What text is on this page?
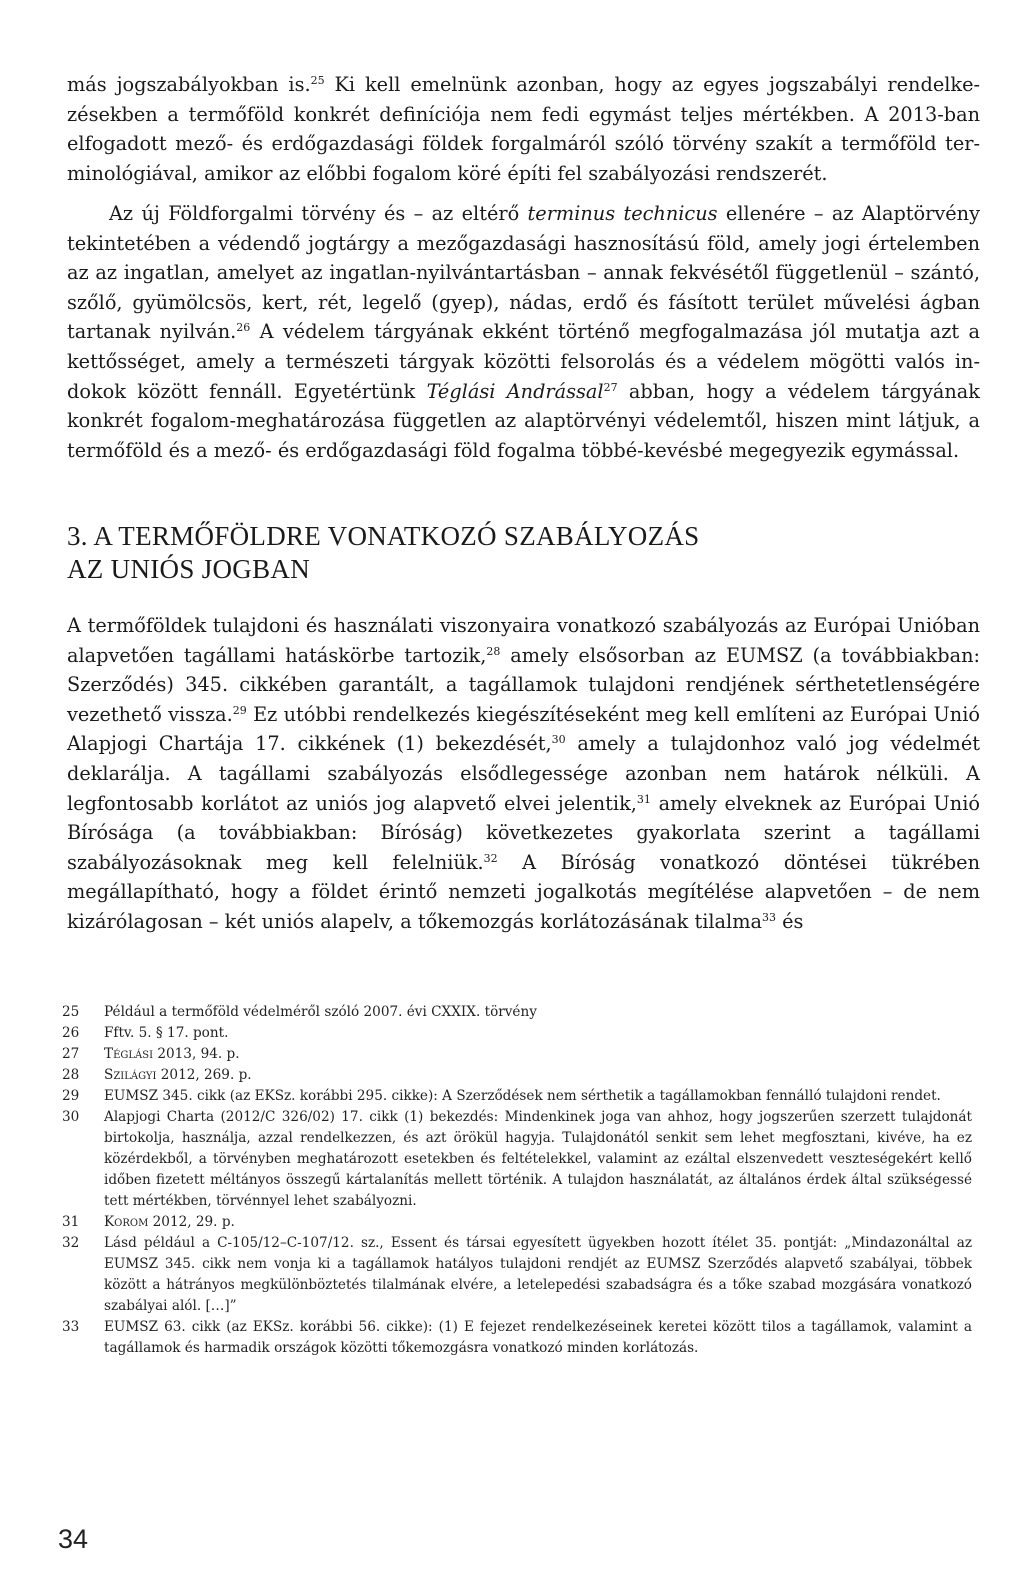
más jogszabályokban is.$^{25}$ Ki kell emelnünk azonban, hogy az egyes jogszabályi rendelkezésekben a termőföld konkrét definíciója nem fedi egymást teljes mértékben. A 2013-ban elfogadott mező- és erdőgazdasági földek forgalmáról szóló törvény szakít a termőföld terminológiával, amikor az előbbi fogalom köré építi fel szabályozási rendszerét.

Az új Földforgalmi törvény és – az eltérő terminus technicus ellenére – az Alaptörvény tekintetében a védendő jogtárgy a mezőgazdasági hasznosítású föld, amely jogi értelemben az az ingatlan, amelyet az ingatlan-nyilvántartásban – annak fekvésétől függetlenül – szántó, szőlő, gyümölcsös, kert, rét, legelő (gyep), nádas, erdő és fásított terület művelési ágban tartanak nyilván.$^{26}$ A védelem tárgyának ekként történő megfogalmazása jól mutatja azt a kettősséget, amely a természeti tárgyak közötti felsorolás és a védelem mögötti valós indokok között fennáll. Egyetértünk Téglási Andrással$^{27}$ abban, hogy a védelem tárgyának konkrét fogalom-meghatározása független az alaptörvényi védelemtől, hiszen mint látjuk, a termőföld és a mező- és erdőgazdasági föld fogalma többé-kevésbé megegyezik egymással.

3. A TERMŐFÖLDRE VONATKOZÓ SZABÁLYOZÁS
AZ UNIÓS JOGBAN

A termőföldek tulajdoni és használati viszonyaira vonatkozó szabályozás az Európai Unióban alapvetően tagállami hatáskörbe tartozik,$^{28}$ amely elsősorban az EUMSZ (a továbbiakban: Szerződés) 345. cikkében garantált, a tagállamok tulajdoni rendjének sérthetetlenségére vezethető vissza.$^{29}$ Ez utóbbi rendelkezés kiegészítéseként meg kell említeni az Európai Unió Alapjogi Chartája 17. cikkének (1) bekezdését,$^{30}$ amely a tulajdonhoz való jog védelmét deklarálja. A tagállami szabályozás elsődlegessége azonban nem határok nélküli. A legfontosabb korlátot az uniós jog alapvető elvei jelentik,$^{31}$ amely elveknek az Európai Unió Bírósága (a továbbiakban: Bíróság) következetes gyakorlata szerint a tagállami szabályozásoknak meg kell felelniük.$^{32}$ A Bíróság vonatkozó döntései tükrében megállapítható, hogy a földet érintő nemzeti jogalkotás megítélése alapvetően – de nem kizárólagosan – két uniós alapelv, a tőkemozgás korlátozásának tilalma$^{33}$ és

25	Például a termőföld védelméről szóló 2007. évi CXXIX. törvény
26	Fftv. 5. § 17. pont.
27	Téglási 2013, 94. p.
28	Szilágyi 2012, 269. p.
29	EUMSZ 345. cikk (az EKSz. korábbi 295. cikke): A Szerződések nem sérthetik a tagállamokban fennálló tulajdoni rendet.
30	Alapjogi Charta (2012/C 326/02) 17. cikk (1) bekezdés: Mindenkinek joga van ahhoz, hogy jogszerűen szerzett tulajdonát birtokolja, használja, azzal rendelkezzen, és azt örökül hagyja. Tulajdonától senkit sem lehet megfosztani, kivéve, ha ez közérdekből, a törvényben meghatározott esetekben és feltételekkel, valamint az ezáltal elszenvedett veszteségekért kellő időben fizetett méltányos összegű kártalanítás mellett történik. A tulajdon használatát, az általános érdek által szükségessé tett mértékben, törvénnyel lehet szabályozni.
31	Korom 2012, 29. p.
32	Lásd például a C-105/12–C-107/12. sz., Essent és társai egyesített ügyekben hozott ítélet 35. pontját: „Mindazonáltal az EUMSZ 345. cikk nem vonja ki a tagállamok hatályos tulajdoni rendjét az EUMSZ Szerződés alapvető szabályai, többek között a hátrányos megkülönböztetés tilalmának elvére, a letelepedési szabadságra és a tőke szabad mozgására vonatkozó szabályai alól. […]”
33	EUMSZ 63. cikk (az EKSz. korábbi 56. cikke): (1) E fejezet rendelkezéseinek keretei között tilos a tagállamok, valamint a tagállamok és harmadik országok közötti tőkemozgásra vonatkozó minden korlátozás.
34
